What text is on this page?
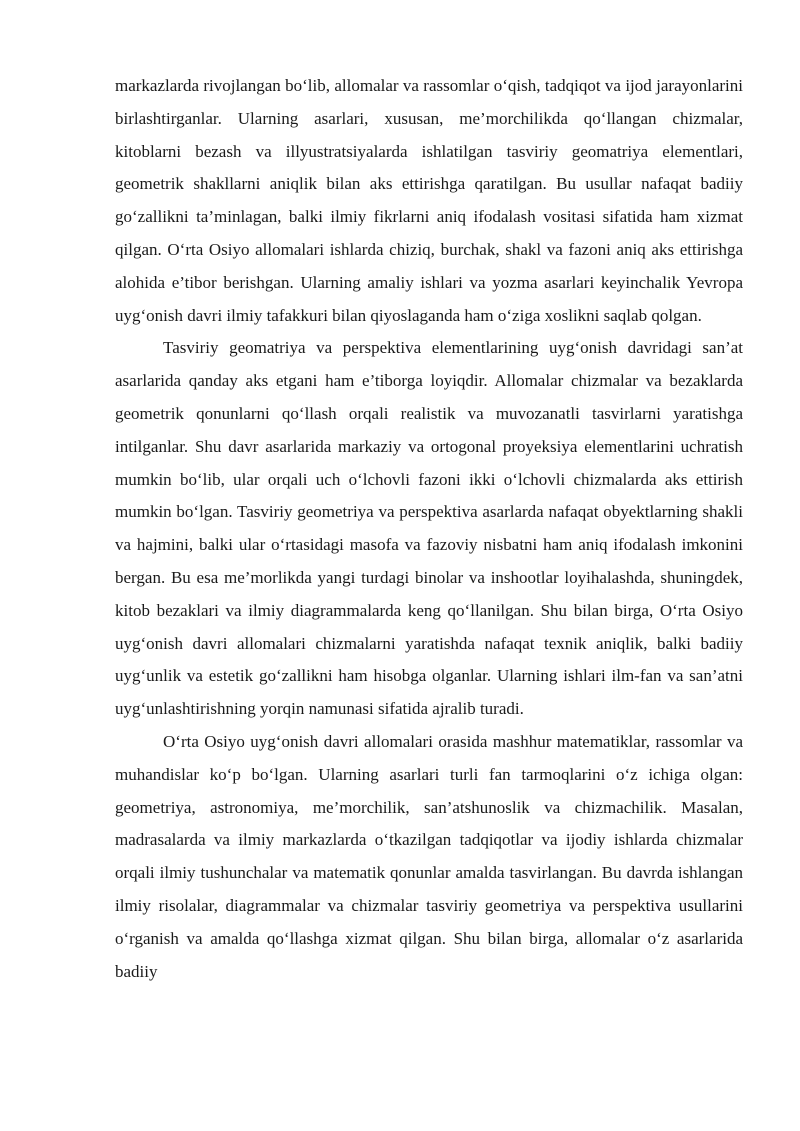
markazlarda rivojlangan bo‘lib, allomalar va rassomlar o‘qish, tadqiqot va ijod jarayonlarini birlashtirganlar. Ularning asarlari, xususan, me’morchilikda qo‘llangan chizmalar, kitoblarni bezash va illyustratsiyalarda ishlatilgan tasviriy geomatriya elementlari, geometrik shakllarni aniqlik bilan aks ettirishga qaratilgan. Bu usullar nafaqat badiiy go‘zallikni ta’minlagan, balki ilmiy fikrlarni aniq ifodalash vositasi sifatida ham xizmat qilgan. O‘rta Osiyo allomalari ishlarda chiziq, burchak, shakl va fazoni aniq aks ettirishga alohida e’tibor berishgan. Ularning amaliy ishlari va yozma asarlari keyinchalik Yevropa uyg‘onish davri ilmiy tafakkuri bilan qiyoslaganda ham o‘ziga xoslikni saqlab qolgan.

Tasviriy geomatriya va perspektiva elementlarining uyg‘onish davridagi san’at asarlarida qanday aks etgani ham e’tiborga loyiqdir. Allomalar chizmalar va bezaklarda geometrik qonunlarni qo‘llash orqali realistik va muvozanatli tasvirlarni yaratishga intilganlar. Shu davr asarlarida markaziy va ortogonal proyeksiya elementlarini uchratish mumkin bo‘lib, ular orqali uch o‘lchovli fazoni ikki o‘lchovli chizmalarda aks ettirish mumkin bo‘lgan. Tasviriy geometriya va perspektiva asarlarda nafaqat obyektlarning shakli va hajmini, balki ular o‘rtasidagi masofa va fazoviy nisbatni ham aniq ifodalash imkonini bergan. Bu esa me’morlikda yangi turdagi binolar va inshootlar loyihalashda, shuningdek, kitob bezaklari va ilmiy diagrammalarda keng qo‘llanilgan. Shu bilan birga, O‘rta Osiyo uyg‘onish davri allomalari chizmalarni yaratishda nafaqat texnik aniqlik, balki badiiy uyg‘unlik va estetik go‘zallikni ham hisobga olganlar. Ularning ishlari ilm-fan va san’atni uyg‘unlashtirishning yorqin namunasi sifatida ajralib turadi.

O‘rta Osiyo uyg‘onish davri allomalari orasida mashhur matematiklar, rassomlar va muhandislar ko‘p bo‘lgan. Ularning asarlari turli fan tarmoqlarini o‘z ichiga olgan: geometriya, astronomiya, me’morchilik, san’atshunoslik va chizmachilik. Masalan, madrasalarda va ilmiy markazlarda o‘tkazilgan tadqiqotlar va ijodiy ishlarda chizmalar orqali ilmiy tushunchalar va matematik qonunlar amalda tasvirlangan. Bu davrda ishlangan ilmiy risolalar, diagrammalar va chizmalar tasviriy geometriya va perspektiva usullarini o‘rganish va amalda qo‘llashga xizmat qilgan. Shu bilan birga, allomalar o‘z asarlarida badiiy
